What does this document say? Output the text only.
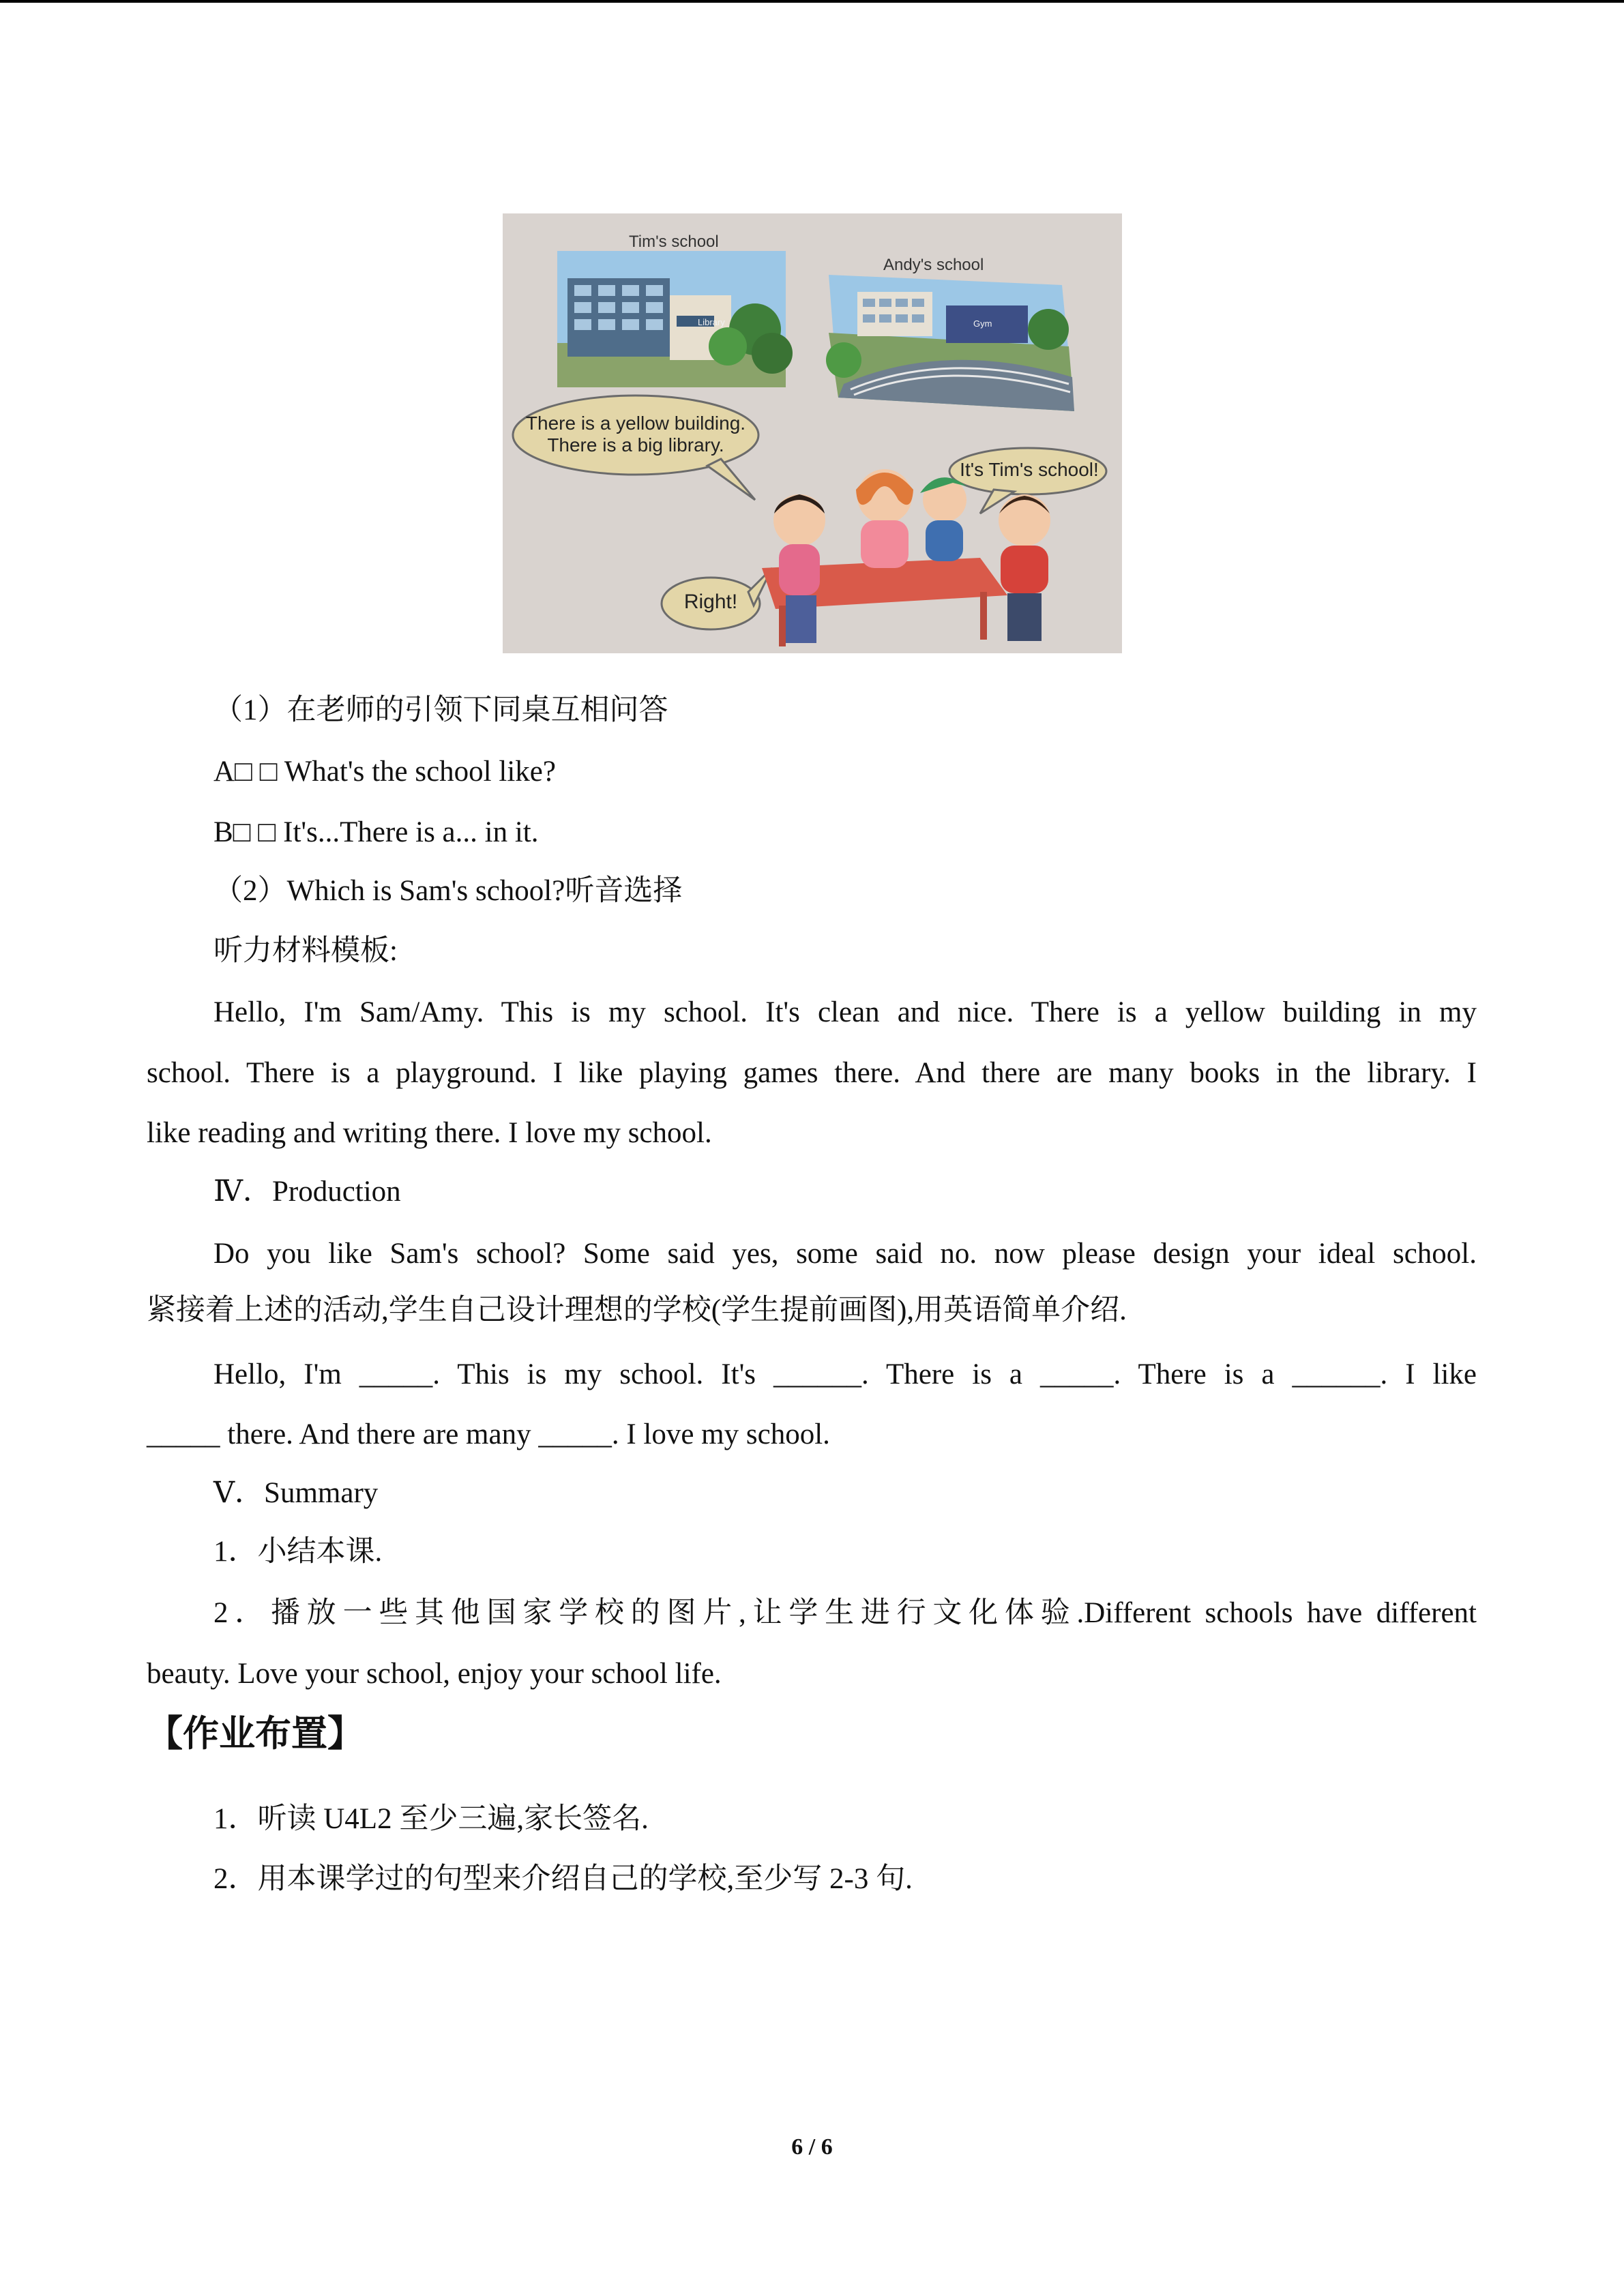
Tim's school
Andy's school
Library	Gym
There is a yellow building.
There is a big library.
It's Tim's school!
Right!
（1）在老师的引领下同桌互相问答
A□ □ What's the school like?
B□ □ It's...There is a... in it.
（2）Which is Sam's school?听音选择
听力材料模板:
Hello, I'm Sam/Amy. This is my school. It's clean and nice. There is a yellow building in my
school. There is a playground. I like playing games there. And there are many books in the library. I
like reading and writing there. I love my school.
Ⅳ．Production
Do you like Sam's school? Some said yes, some said no. now please design your ideal school.
紧接着上述的活动,学生自己设计理想的学校(学生提前画图),用英语简单介绍.
Hello, I'm _____. This is my school. It's ______. There is a _____. There is a ______. I like
_____ there. And there are many _____. I love my school.
Ⅴ．Summary
1．小结本课.
2．播放一些其他国家学校的图片,让学生进行文化体验.Different schools have different
beauty. Love your school, enjoy your school life.
【作业布置】
1．听读 U4L2 至少三遍,家长签名.
2．用本课学过的句型来介绍自己的学校,至少写 2-3 句.
6 / 6
